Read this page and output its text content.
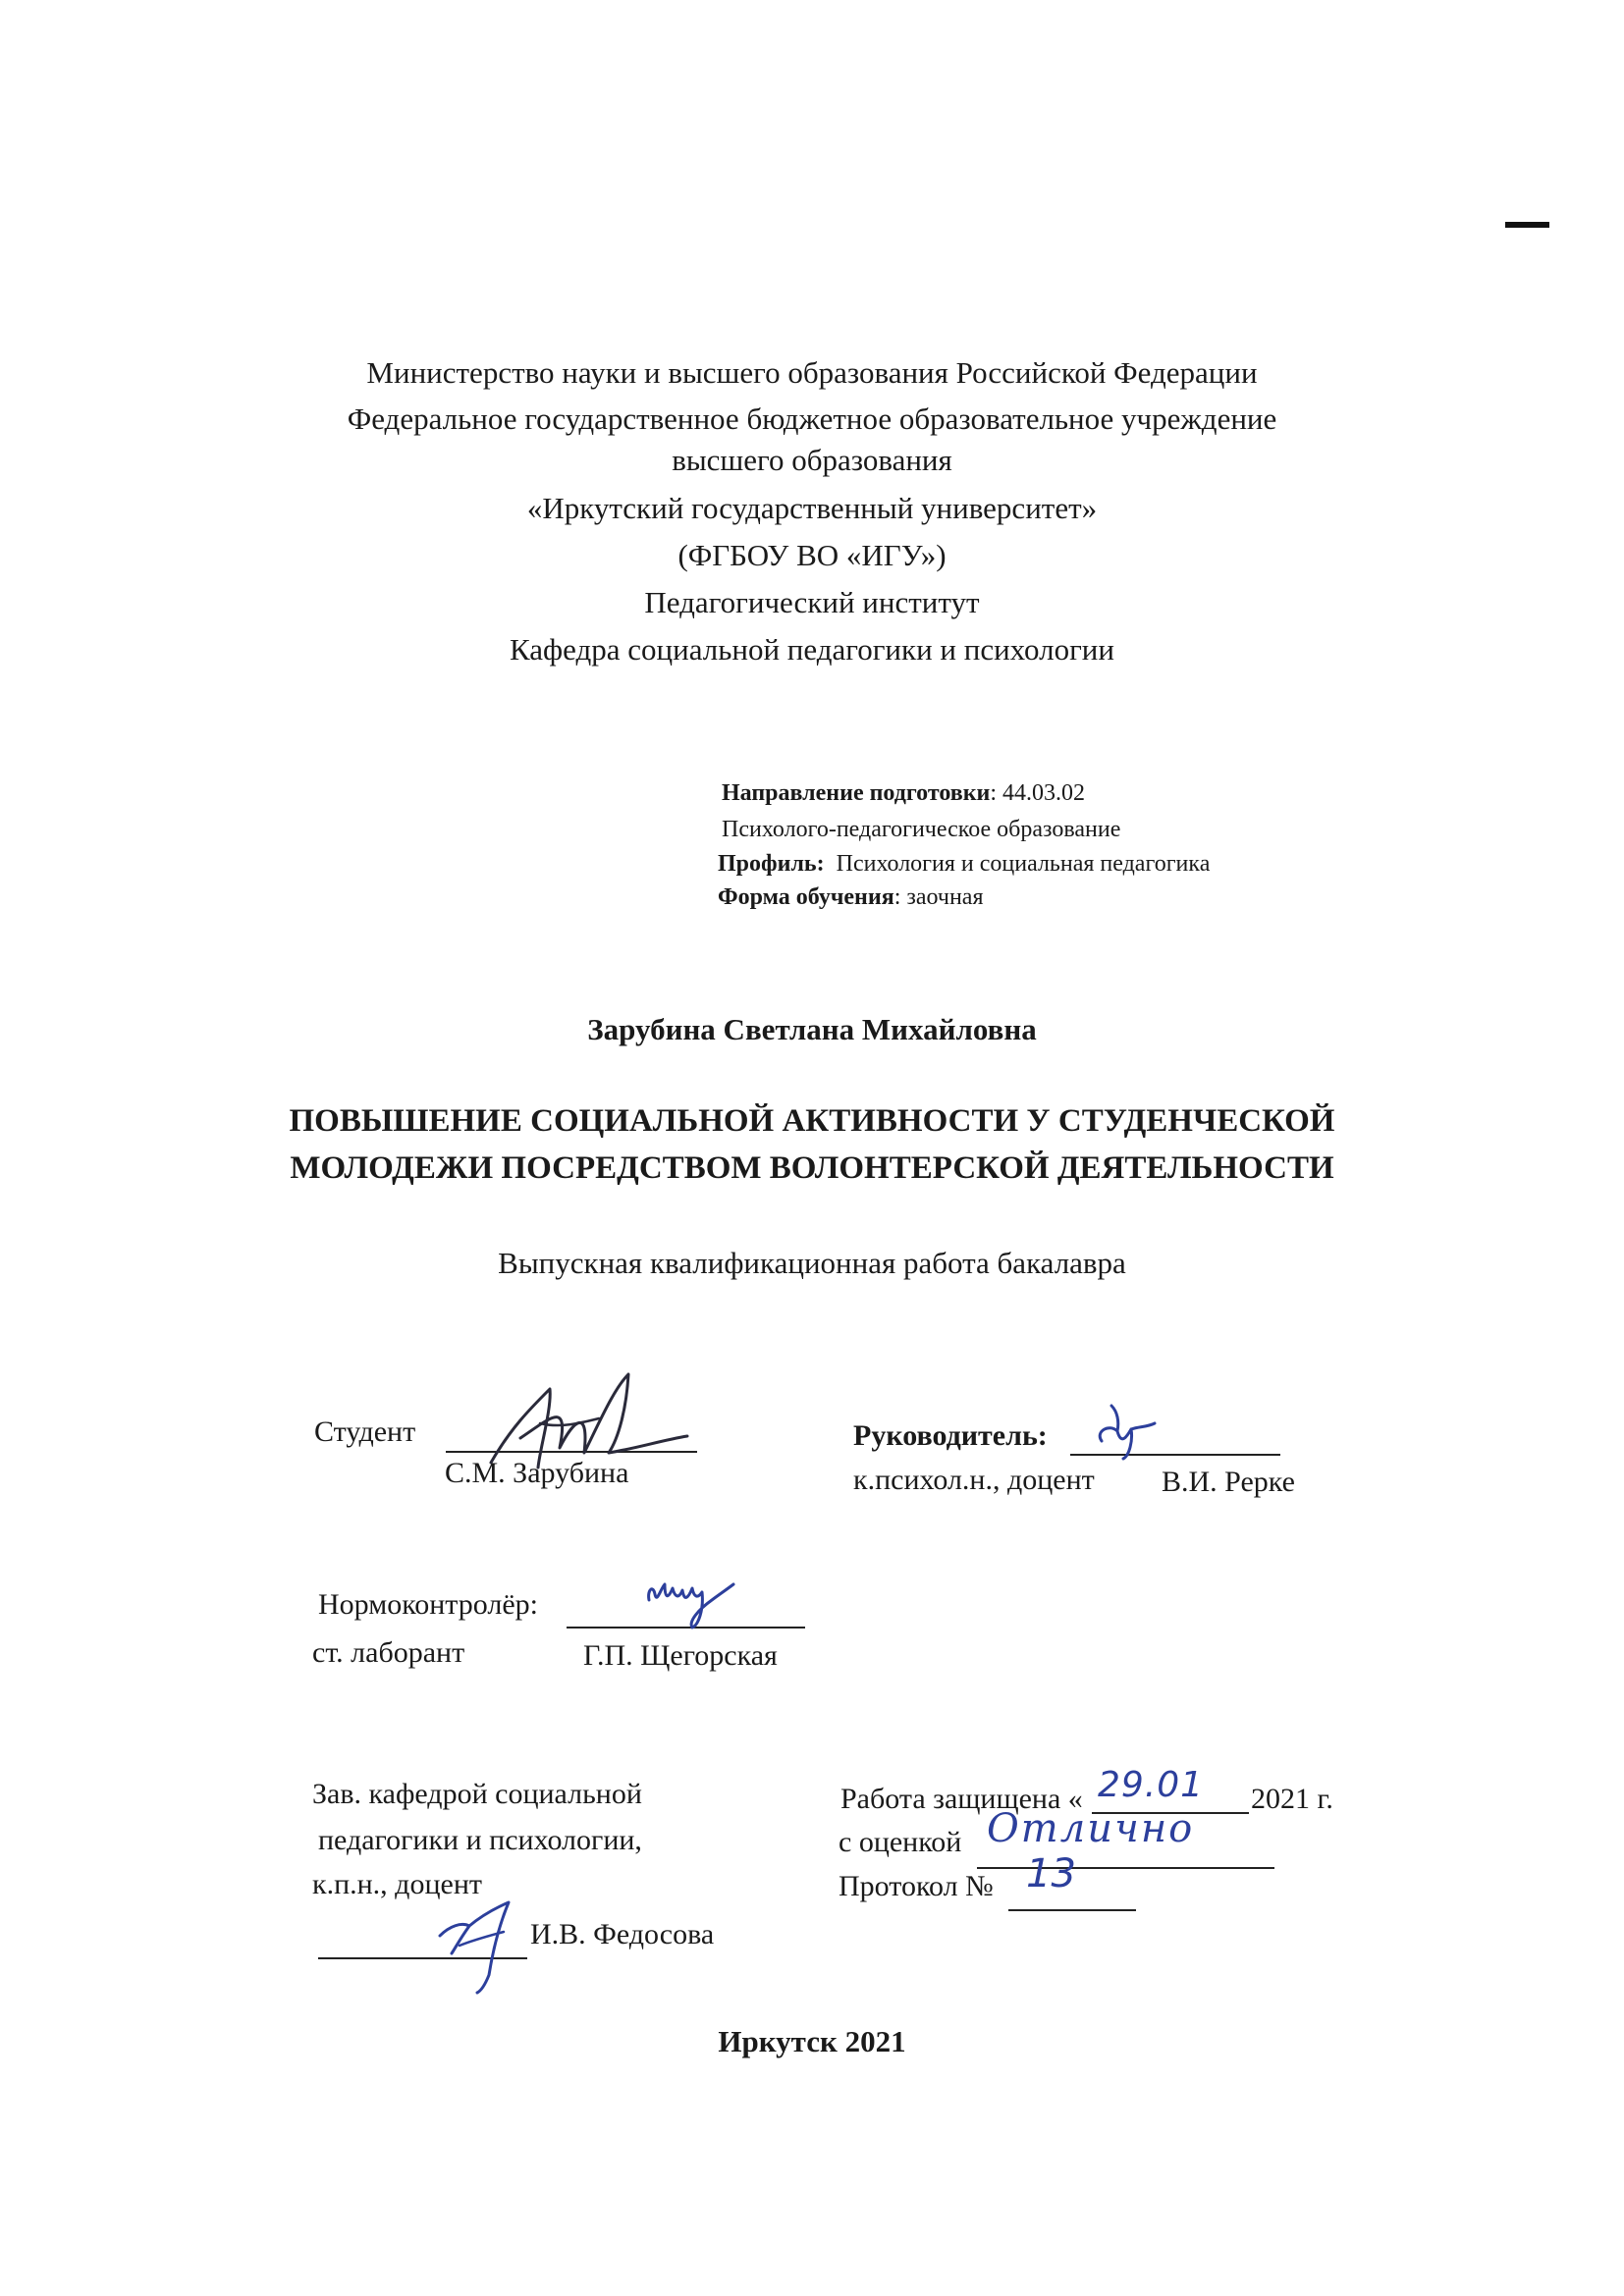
Министерство науки и высшего образования Российской Федерации
Федеральное государственное бюджетное образовательное учреждение
высшего образования
«Иркутский государственный университет»
(ФГБОУ ВО «ИГУ»)
Педагогический институт
Кафедра социальной педагогики и психологии
Направление подготовки: 44.03.02
Психолого-педагогическое образование
Профиль: Психология и социальная педагогика
Форма обучения: заочная
Зарубина Светлана Михайловна
ПОВЫШЕНИЕ СОЦИАЛЬНОЙ АКТИВНОСТИ У СТУДЕНЧЕСКОЙ
МОЛОДЕЖИ ПОСРЕДСТВОМ ВОЛОНТЕРСКОЙ ДЕЯТЕЛЬНОСТИ
Выпускная квалификационная работа бакалавра
Студент
С.М. Зарубина
Руководитель:
к.психол.н., доцент В.И. Рерке
Нормоконтролёр:
ст. лаборант	Г.П. Щегорская
Зав. кафедрой социальной
педагогики и психологии,
к.п.н., доцент
И.В. Федосова
Работа защищена « 29.01 2021 г.
с оценкой Отлично
Протокол № 13
Иркутск 2021
